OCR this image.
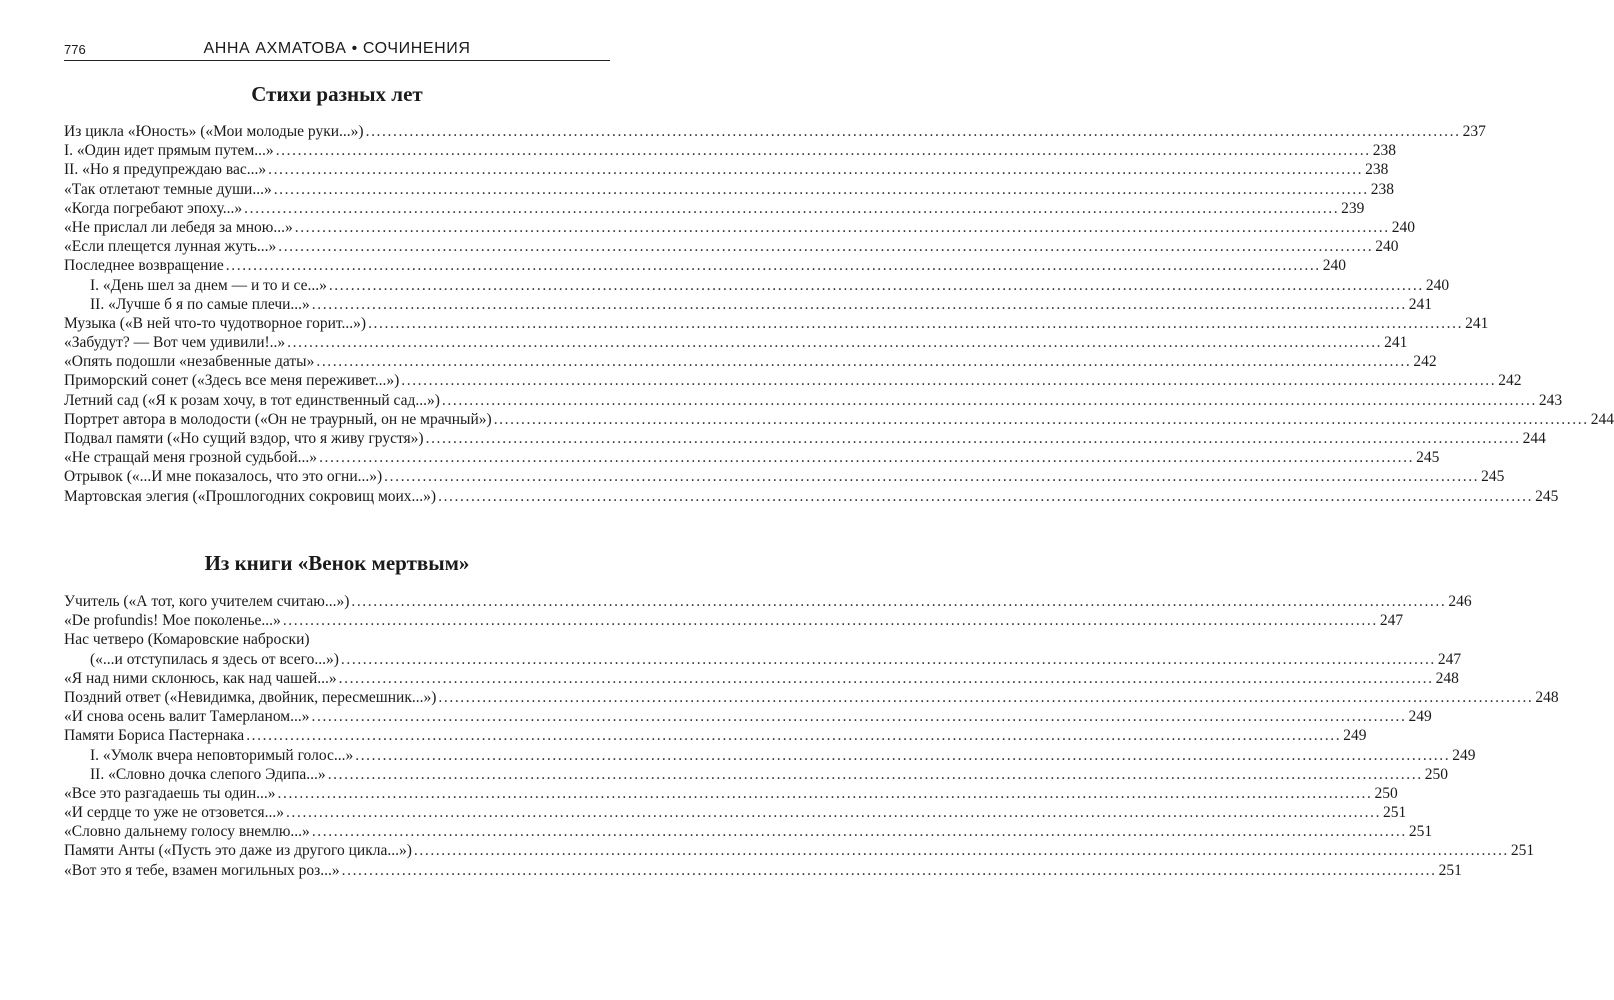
776	АННА АХМАТОВА • СОЧИНЕНИЯ
Стихи разных лет
Из цикла «Юность» («Мои молодые руки...») .....	237
I. «Один идет прямым путем...» .....	238
II. «Но я предупреждаю вас...» .....	238
«Так отлетают темные души...» .....	238
«Когда погребают эпоху...» .....	239
«Не прислал ли лебедя за мною...» .....	240
«Если плещется лунная жуть...» .....	240
Последнее возвращение .....	240
I. «День шел за днем — и то и се...» .....	240
II. «Лучше б я по самые плечи...» .....	241
Музыка («В ней что-то чудотворное горит...») .....	241
«Забудут? — Вот чем удивили!..» .....	241
«Опять подошли «незабвенные даты» .....	242
Приморский сонет («Здесь все меня переживет...») .....	242
Летний сад («Я к розам хочу, в тот единственный сад...») .....	243
Портрет автора в молодости («Он не траурный, он не мрачный») .....	244
Подвал памяти («Но сущий вздор, что я живу грустя») .....	244
«Не стращай меня грозной судьбой...» .....	245
Отрывок («...И мне показалось, что это огни...») .....	245
Мартовская элегия («Прошлогодних сокровищ моих...») .....	245
Из книги «Венок мертвым»
Учитель («А тот, кого учителем считаю...») .....	246
«De profundis! Мое поколенье...» .....	247
Нас четверо (Комаровские наброски)
(«...и отступилась я здесь от всего...») .....	247
«Я над ними склонюсь, как над чашей...» .....	248
Поздний ответ («Невидимка, двойник, пересмешник...») .....	248
«И снова осень валит Тамерланом...» .....	249
Памяти Бориса Пастернака .....	249
I. «Умолк вчера неповторимый голос...» .....	249
II. «Словно дочка слепого Эдипа...» .....	250
«Все это разгадаешь ты один...» .....	250
«И сердце то уже не отзовется...» .....	251
«Словно дальнему голосу внемлю...» .....	251
Памяти Анты («Пусть это даже из другого цикла...») .....	251
«Вот это я тебе, взамен могильных роз...» .....	251
